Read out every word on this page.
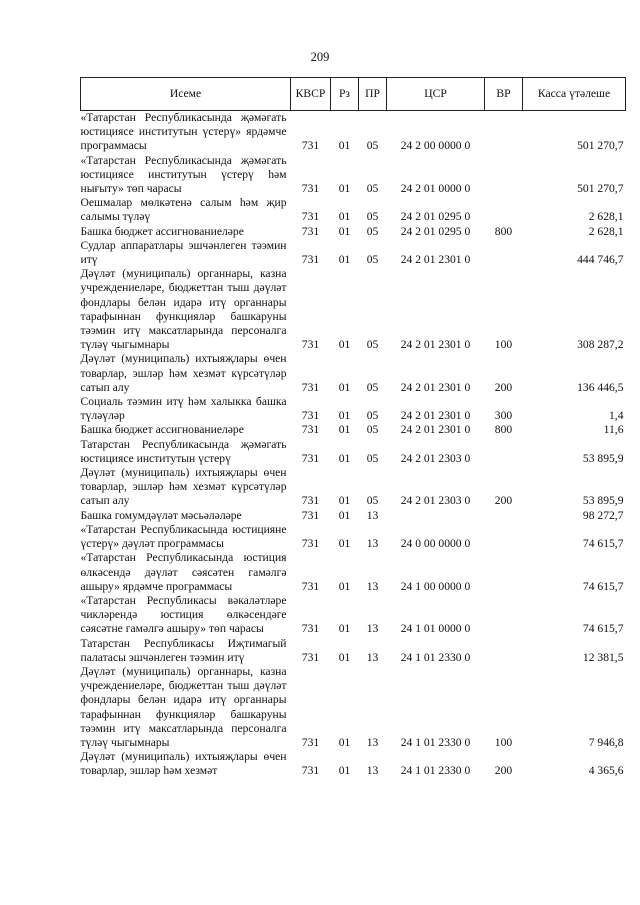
209
Исеме	КВСР	Рз	ПР	ЦСР	ВР	Касса үтәлеше
«Татарстан Республикасында җәмәгать юстициясе институтын үстерү» ярдәмче программасы	731	01	05	24 2 00 0000 0		501 270,7
«Татарстан Республикасында җәмәгать юстициясе институтын үстерү һәм нығыту» төп чарасы	731	01	05	24 2 01 0000 0		501 270,7
Оешмалар мөлкәтенә салым һәм җир салымы түләү	731	01	05	24 2 01 0295 0		2 628,1
Башка бюджет ассигнованиеләре	731	01	05	24 2 01 0295 0	800	2 628,1
Судлар аппаратлары эшчәнлеген тәэмин итү	731	01	05	24 2 01 2301 0		444 746,7
Дәүләт (муниципаль) органнары, казна учреждениеләре, бюджеттан тыш дәүләт фондлары белән идарә итү органнары тарафыннан функцияләр башкаруны тәэмин итү максатларында персоналга түләү чыгымнары	731	01	05	24 2 01 2301 0	100	308 287,2
Дәүләт (муниципаль) ихтыяҗлары өчен товарлар, эшләр һәм хезмәт күрсәтүләр сатып алу	731	01	05	24 2 01 2301 0	200	136 446,5
Социаль тәэмин итү һәм халыкка башка түләүләр	731	01	05	24 2 01 2301 0	300	1,4
Башка бюджет ассигнованиеләре	731	01	05	24 2 01 2301 0	800	11,6
Татарстан Республикасында җәмәгать юстициясе институтын үстерү	731	01	05	24 2 01 2303 0		53 895,9
Дәүләт (муниципаль) ихтыяҗлары өчен товарлар, эшләр һәм хезмәт күрсәтүләр сатып алу	731	01	05	24 2 01 2303 0	200	53 895,9
Башка гомумдәүләт мәсьәләләре	731	01	13			98 272,7
«Татарстан Республикасында юстицияне үстерү» дәүләт программасы	731	01	13	24 0 00 0000 0		74 615,7
«Татарстан Республикасында юстиция өлкәсендә дәүләт сәясәтен гамәлгә ашыру» ярдәмче программасы	731	01	13	24 1 00 0000 0		74 615,7
«Татарстан Республикасы вәкаләтләре чикләрендә юстиция өлкәсендәге сәясәтне гамәлгә ашыру» төп чарасы	731	01	13	24 1 01 0000 0		74 615,7
Татарстан Республикасы Иҗтимагый палатасы эшчәнлеген тәэмин итү	731	01	13	24 1 01 2330 0		12 381,5
Дәүләт (муниципаль) органнары, казна учреждениеләре, бюджеттан тыш дәүләт фондлары белән идарә итү органнары тарафыннан функцияләр башкаруны тәэмин итү максатларында персоналга түләү чыгымнары	731	01	13	24 1 01 2330 0	100	7 946,8
Дәүләт (муниципаль) ихтыяҗлары өчен товарлар, эшләр һәм хезмәт	731	01	13	24 1 01 2330 0	200	4 365,6
